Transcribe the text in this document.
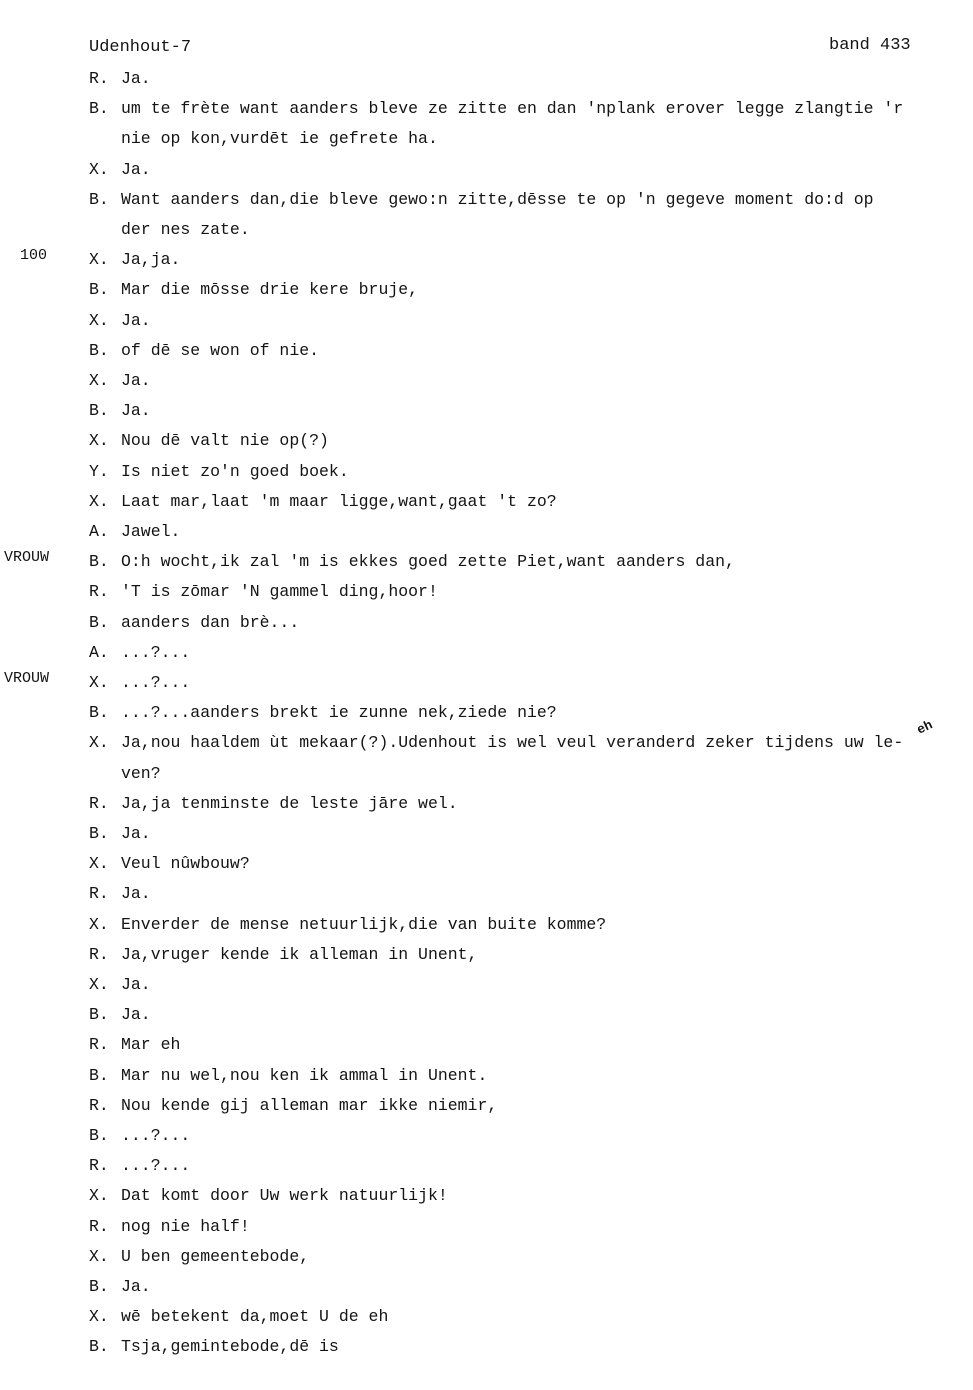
Udenhout-7	band 433
R. Ja.
B. um te frète want aanders bleve ze zitte en dan 'nplank erover legge zlangtie 'r
nie op kon,vurdēt ie gefrete ha.
X. Ja.
B. Want aanders dan,die bleve gewo:n zitte,dēsse te op 'n gegeve moment do:d op
der nes zate.
X. Ja,ja.
B. Mar die mōsse drie kere bruje,
X. Ja.
B. of dē se won of nie.
X. Ja.
B. Ja.
X. Nou dē valt nie op(?)
Y. Is niet zo'n goed boek.
X. Laat mar,laat 'm maar ligge,want,gaat 't zo?
A. Jawel.
B. O:h wocht,ik zal 'm is ekkes goed zette Piet,want aanders dan,
R. 'T is zōmar 'N gammel ding,hoor!
B. aanders dan brè...
A. ...?...
X. ...?...
B. ...?...aanders brekt ie zunne nek,ziede nie?
X. Ja,nou haaldem ùt mekaar(?).Udenhout is wel veul veranderd zeker tijdens uw le-
ven?
R. Ja,ja tenminste de leste jāre wel.
B. Ja.
X. Veul nûwbouw?
R. Ja.
X. Enverder de mense netuurlijk,die van buite komme?
R. Ja,vruger kende ik alleman in Unent,
X. Ja.
B. Ja.
R. Mar eh
B. Mar nu wel,nou ken ik ammal in Unent.
R. Nou kende gij alleman mar ikke niemir,
B. ...?...
R. ...?...
X. Dat komt door Uw werk natuurlijk!
R. nog nie half!
X. U ben gemeentebode,
B. Ja.
X. wē betekent da,moet U de eh
B. Tsja,gemintebode,dē is
100
VROUW
VROUW
eh
